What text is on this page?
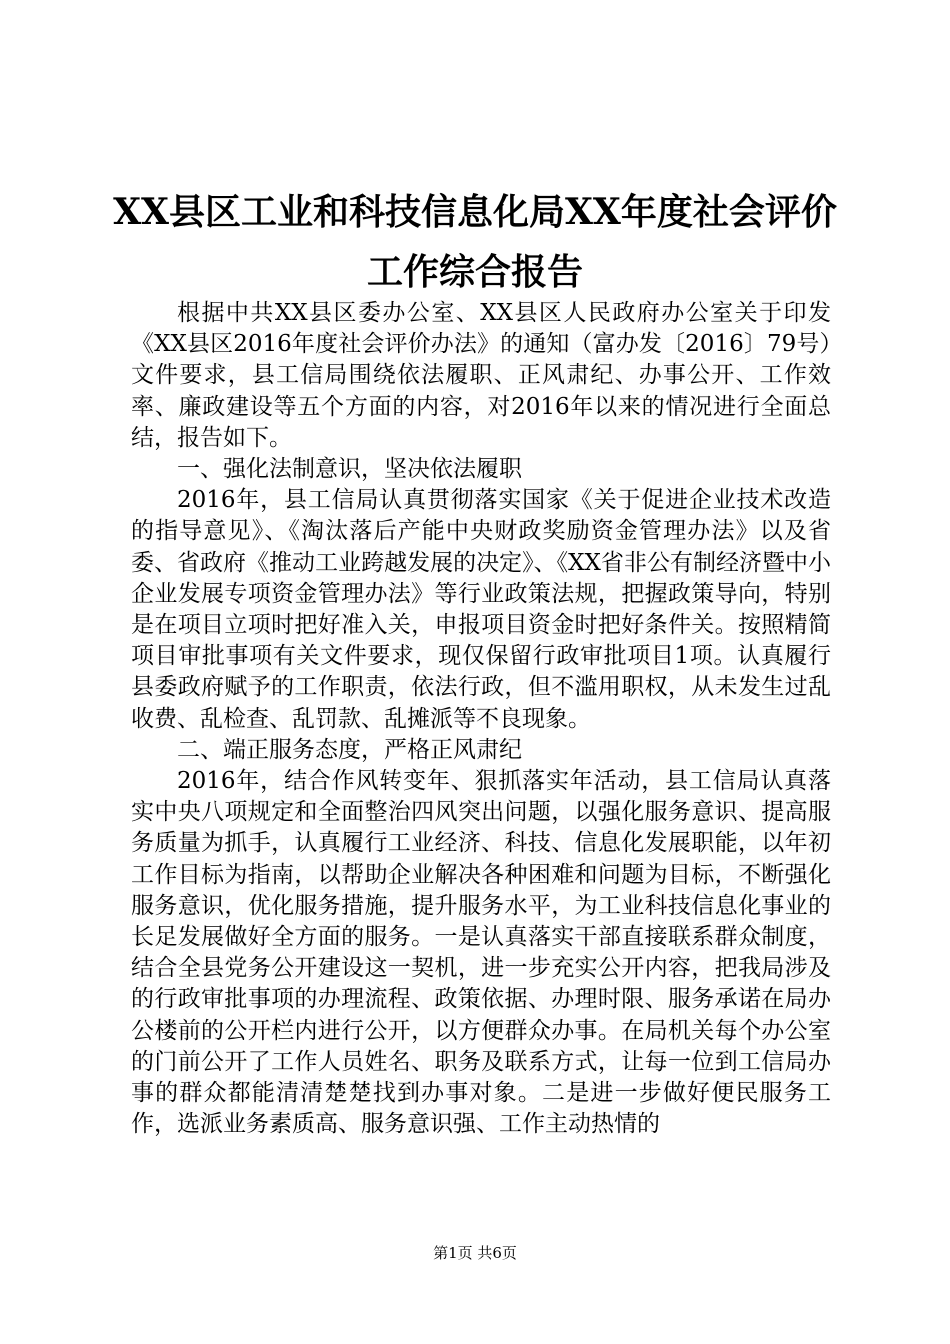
XX县区工业和科技信息化局XX年度社会评价
工作综合报告

根据中共XX县区委办公室、XX县区人民政府办公室关于印发《XX县区2016年度社会评价办法》的通知（富办发〔2016〕79号）文件要求，县工信局围绕依法履职、正风肃纪、办事公开、工作效率、廉政建设等五个方面的内容，对2016年以来的情况进行全面总结，报告如下。

一、强化法制意识，坚决依法履职

2016年，县工信局认真贯彻落实国家《关于促进企业技术改造的指导意见》、《淘汰落后产能中央财政奖励资金管理办法》以及省委、省政府《推动工业跨越发展的决定》、《XX省非公有制经济暨中小企业发展专项资金管理办法》等行业政策法规，把握政策导向，特别是在项目立项时把好准入关，申报项目资金时把好条件关。按照精简项目审批事项有关文件要求，现仅保留行政审批项目1项。认真履行县委政府赋予的工作职责，依法行政，但不滥用职权，从未发生过乱收费、乱检查、乱罚款、乱摊派等不良现象。

二、端正服务态度，严格正风肃纪

2016年，结合作风转变年、狠抓落实年活动，县工信局认真落实中央八项规定和全面整治四风突出问题，以强化服务意识、提高服务质量为抓手，认真履行工业经济、科技、信息化发展职能，以年初工作目标为指南，以帮助企业解决各种困难和问题为目标，不断强化服务意识，优化服务措施，提升服务水平，为工业科技信息化事业的长足发展做好全方面的服务。一是认真落实干部直接联系群众制度，结合全县党务公开建设这一契机，进一步充实公开内容，把我局涉及的行政审批事项的办理流程、政策依据、办理时限、服务承诺在局办公楼前的公开栏内进行公开，以方便群众办事。在局机关每个办公室的门前公开了工作人员姓名、职务及联系方式，让每一位到工信局办事的群众都能清清楚楚找到办事对象。二是进一步做好便民服务工作，选派业务素质高、服务意识强、工作主动热情的

第1页 共6页
